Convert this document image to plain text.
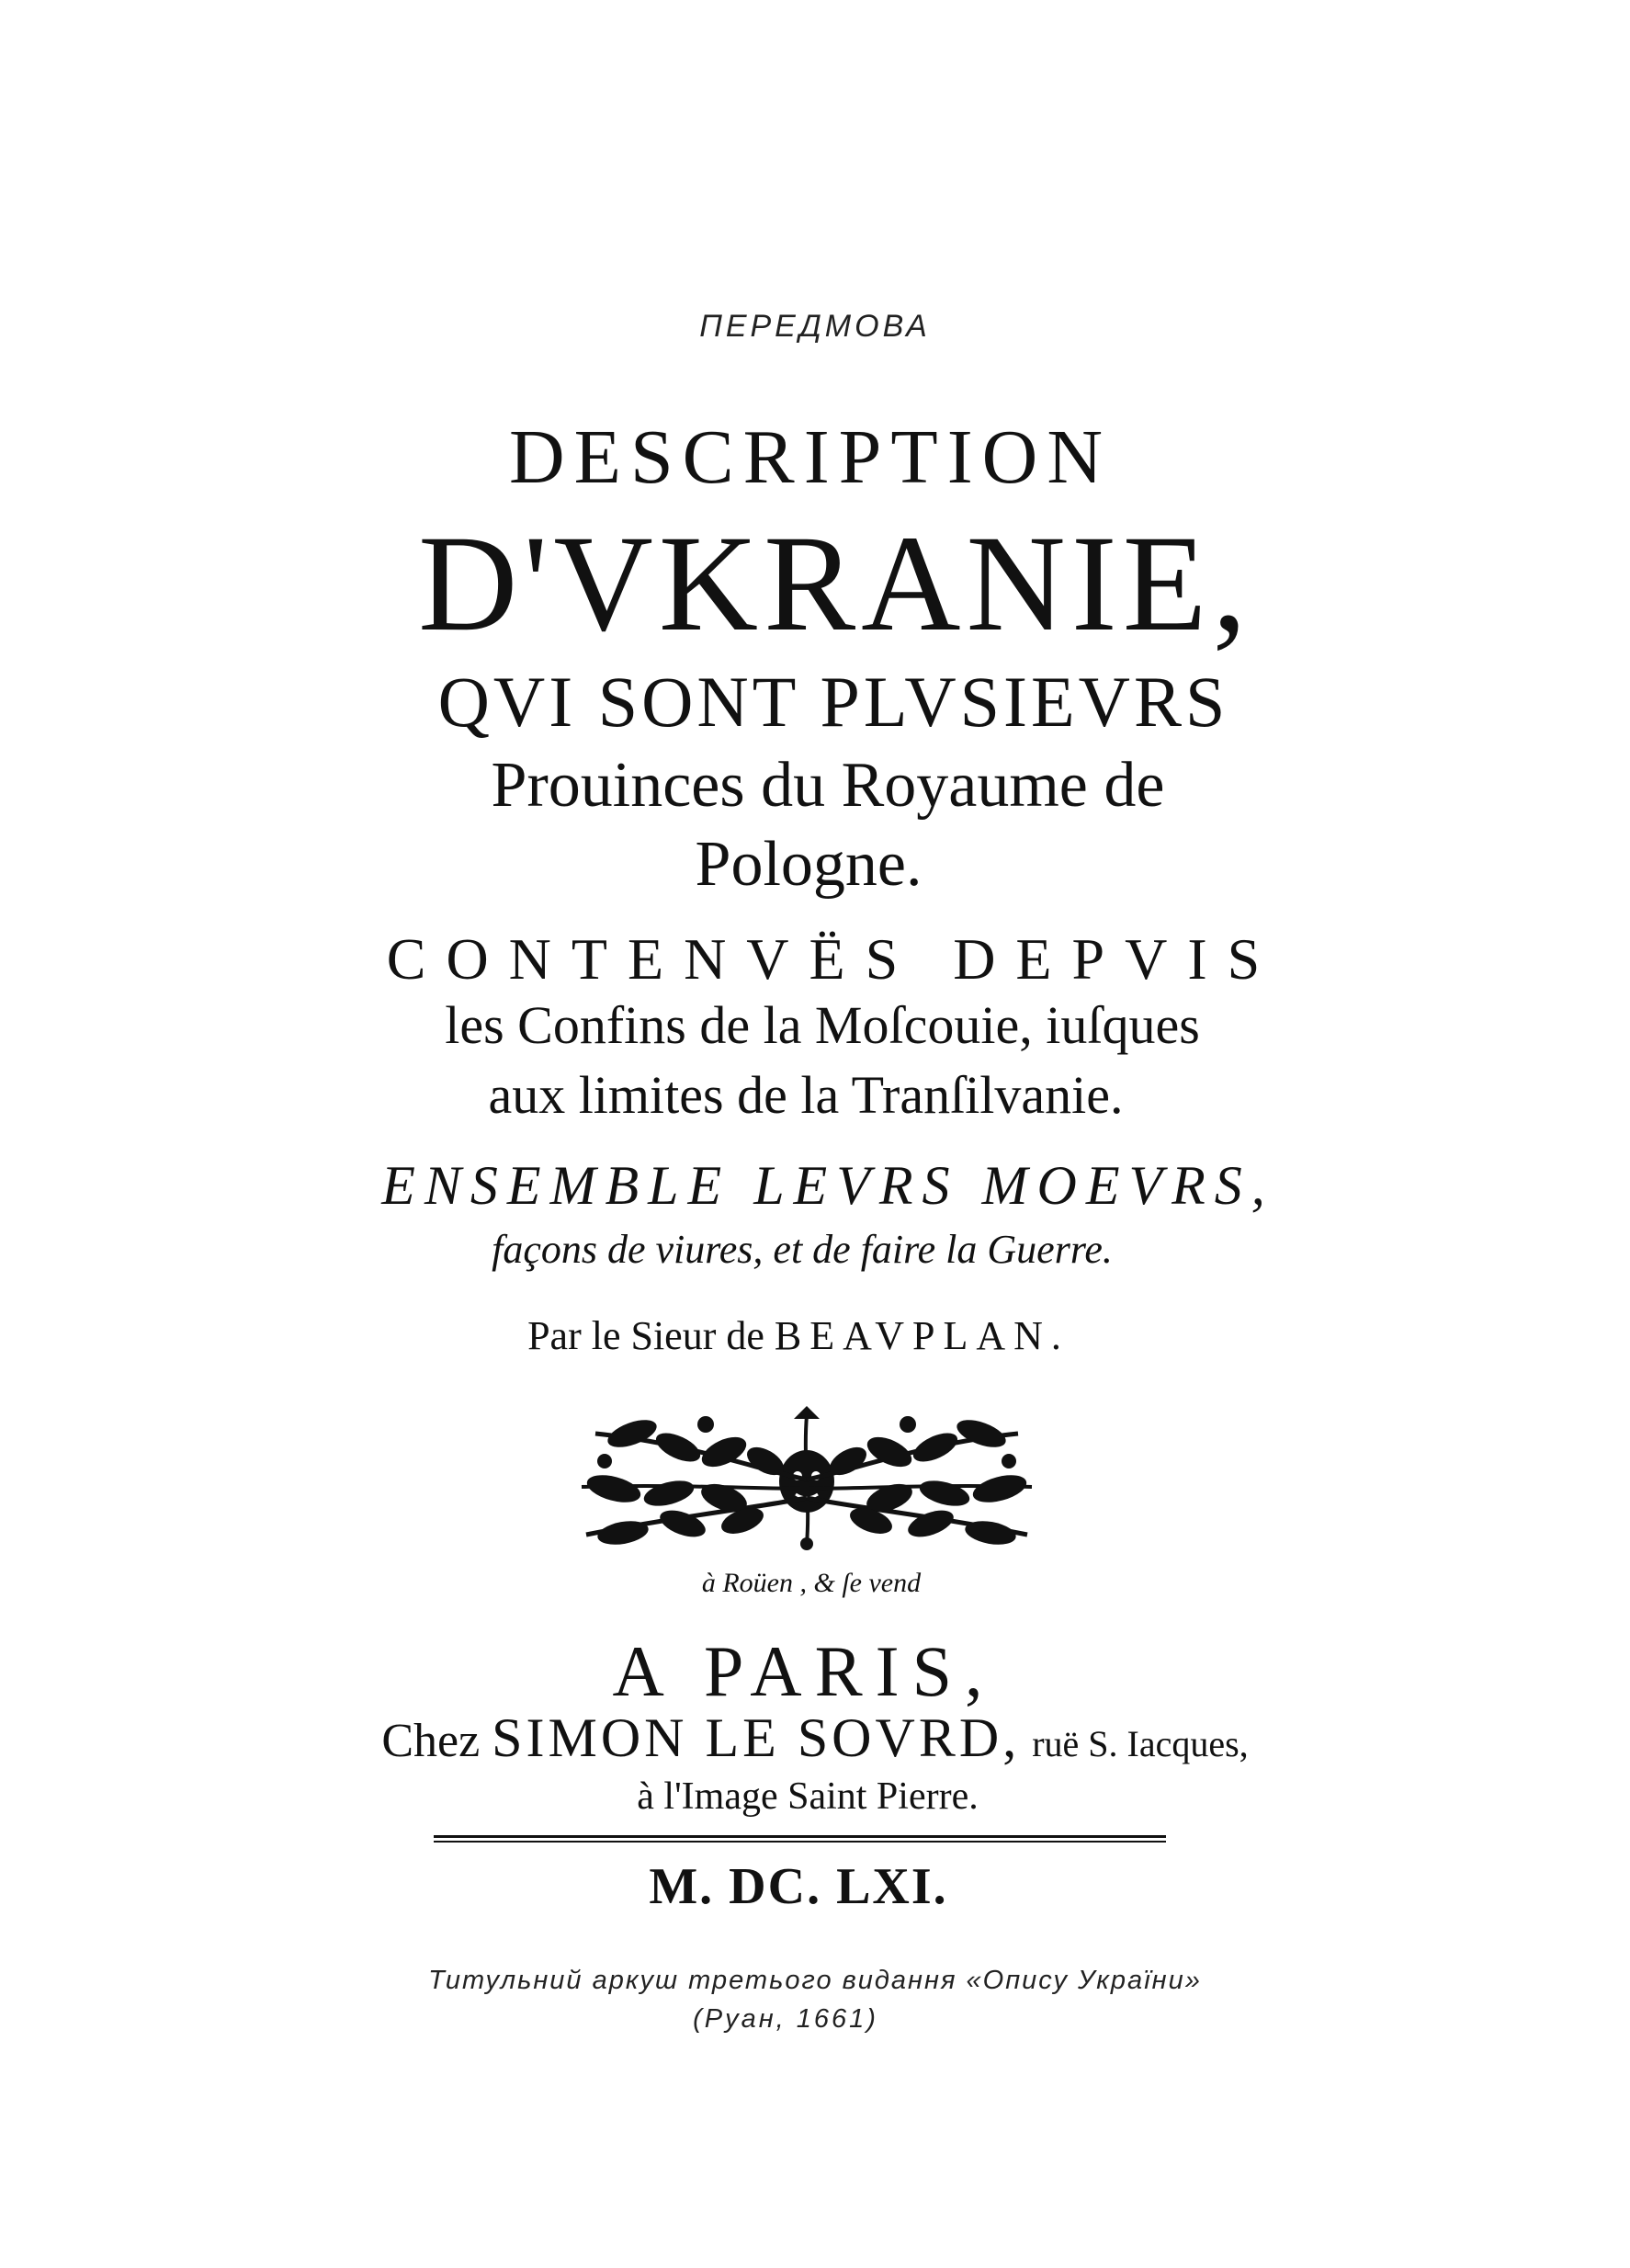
ПЕРЕДМОВА

DESCRIPTION

D'VKRANIE,

QVI SONT PLVSIEVRS

Prouinces du Royaume de

Pologne.

CONTENVËS DEPVIS

les Confins de la Moſcouie, iuſques

aux limites de la Tranſilvanie.

ENSEMBLE LEVRS MOEVRS,

façons de viures, et de faire la Guerre.

Par le Sieur de BEAVPLAN.

à Roüen , & ſe vend

A PARIS,

Chez SIMON LE SOVRD, ruë S. Iacques,

à l'Image Saint Pierre.

M. DC. LXI.

Титульний аркуш третього видання «Опису України»

(Руан, 1661)
